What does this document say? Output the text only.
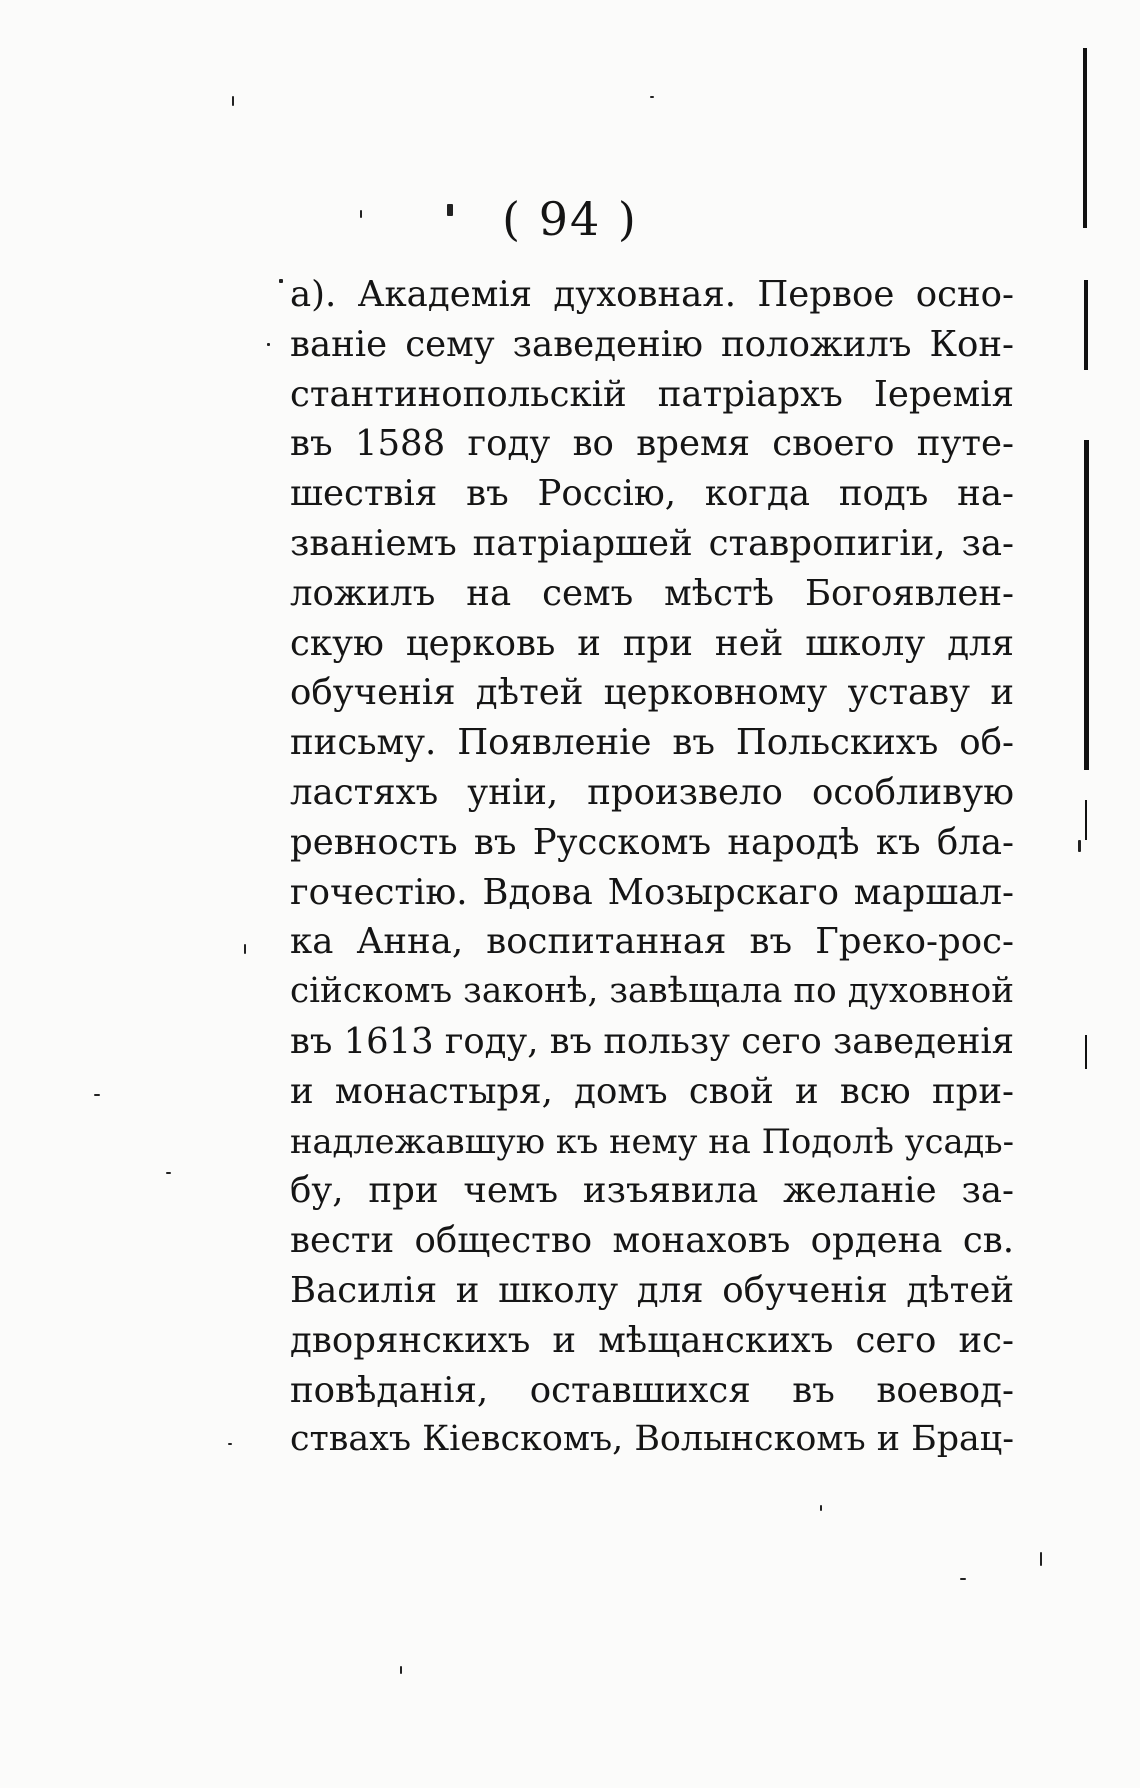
( 94 )
а). Академія духовная. Первое осно-
ваніе сему заведенію положилъ Кон-
стантинопольскій патріархъ Іеремія
въ 1588 году во время своего путе-
шествія въ Россію, когда подъ на-
званіемъ патріаршей ставропигіи, за-
ложилъ на семъ мѣстѣ Богоявлен-
скую церковь и при ней школу для
обученія дѣтей церковному уставу и
письму. Появленіе въ Польскихъ об-
ластяхъ уніи, произвело особливую
ревность въ Русскомъ народѣ къ бла-
гочестію. Вдова Мозырскаго маршал-
ка Анна, воспитанная въ Греко-рос-
сійскомъ законѣ, завѣщала по духовной
въ 1613 году, въ пользу сего заведенія
и монастыря, домъ свой и всю при-
надлежавшую къ нему на Подолѣ усадь-
бу, при чемъ изъявила желаніе за-
вести общество монаховъ ордена св.
Василія и школу для обученія дѣтей
дворянскихъ и мѣщанскихъ сего ис-
повѣданія, оставшихся въ воевод-
ствахъ Кіевскомъ, Волынскомъ и Брац-
